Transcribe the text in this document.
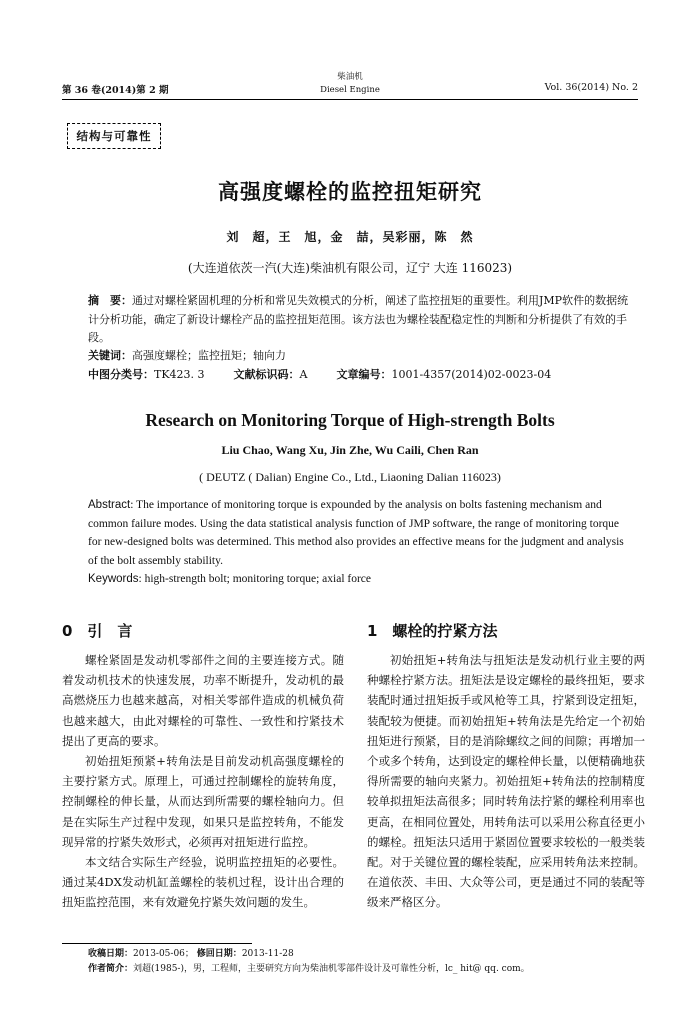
第 36 卷(2014)第 2 期
柴油机
Diesel Engine	Vol. 36(2014) No. 2
结构与可靠性
高强度螺栓的监控扭矩研究
刘　超，王　旭，金　喆，吴彩丽，陈　然
(大连道依茨一汽(大连)柴油机有限公司，辽宁 大连 116023)
摘　要：通过对螺栓紧固机理的分析和常见失效模式的分析，阐述了监控扭矩的重要性。利用JMP软件的数据统计分析功能，确定了新设计螺栓产品的监控扭矩范围。该方法也为螺栓装配稳定性的判断和分析提供了有效的手段。
关键词：高强度螺栓；监控扭矩；轴向力
中图分类号：TK423. 3	文献标识码：A	文章编号：1001-4357(2014)02-0023-04
Research on Monitoring Torque of High-strength Bolts
Liu Chao, Wang Xu, Jin Zhe, Wu Caili, Chen Ran
( DEUTZ ( Dalian) Engine Co., Ltd., Liaoning Dalian 116023)
Abstract: The importance of monitoring torque is expounded by the analysis on bolts fastening mechanism and common failure modes. Using the data statistical analysis function of JMP software, the range of monitoring torque for new-designed bolts was determined. This method also provides an effective means for the judgment and analysis of the bolt assembly stability.
Keywords: high-strength bolt; monitoring torque; axial force
0　引　言

螺栓紧固是发动机零部件之间的主要连接方式。随着发动机技术的快速发展，功率不断提升，发动机的最高燃烧压力也越来越高，对相关零部件造成的机械负荷也越来越大，由此对螺栓的可靠性、一致性和拧紧技术提出了更高的要求。

初始扭矩预紧+转角法是目前发动机高强度螺栓的主要拧紧方式。原理上，可通过控制螺栓的旋转角度，控制螺栓的伸长量，从而达到所需要的螺栓轴向力。但是在实际生产过程中发现，如果只是监控转角，不能发现异常的拧紧失效形式，必须再对扭矩进行监控。

本文结合实际生产经验，说明监控扭矩的必要性。通过某4DX发动机缸盖螺栓的装机过程，设计出合理的扭矩监控范围，来有效避免拧紧失效问题的发生。

1　螺栓的拧紧方法

初始扭矩+转角法与扭矩法是发动机行业主要的两种螺栓拧紧方法。扭矩法是设定螺栓的最终扭矩，要求装配时通过扭矩扳手或风枪等工具，拧紧到设定扭矩，装配较为便捷。而初始扭矩+转角法是先给定一个初始扭矩进行预紧，目的是消除螺纹之间的间隙；再增加一个或多个转角，达到设定的螺栓伸长量，以便精确地获得所需要的轴向夹紧力。初始扭矩+转角法的控制精度较单拟扭矩法高很多；同时转角法拧紧的螺栓利用率也更高，在相同位置处，用转角法可以采用公称直径更小的螺栓。扭矩法只适用于紧固位置要求较松的一般类装配。对于关键位置的螺栓装配，应采用转角法来控制。在道依茨、丰田、大众等公司，更是通过不同的装配等级来严格区分。

收稿日期：2013-05-06； 修回日期：2013-11-28
作者简介：刘超(1985-)，男，工程师，主要研究方向为柴油机零部件设计及可靠性分析，lc_ hit@ qq. com。
